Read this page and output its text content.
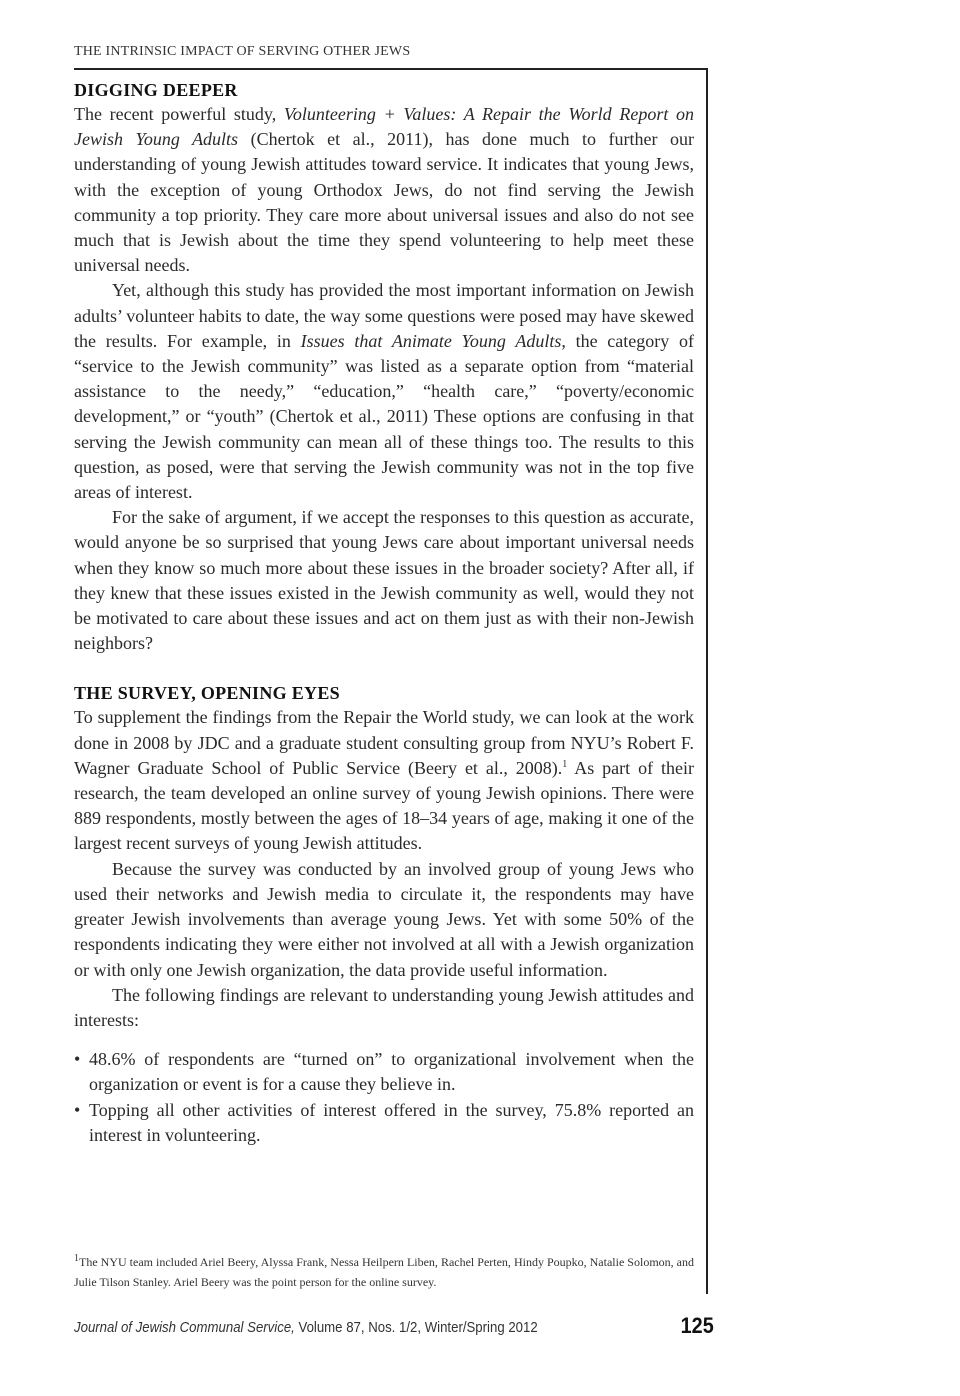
THE INTRINSIC IMPACT OF SERVING OTHER JEWS
DIGGING DEEPER

The recent powerful study, Volunteering + Values: A Repair the World Report on Jewish Young Adults (Chertok et al., 2011), has done much to further our understanding of young Jewish attitudes toward service. It indicates that young Jews, with the exception of young Orthodox Jews, do not find serving the Jewish community a top priority. They care more about universal issues and also do not see much that is Jewish about the time they spend volunteering to help meet these universal needs.

Yet, although this study has provided the most important information on Jewish adults’ volunteer habits to date, the way some questions were posed may have skewed the results. For example, in Issues that Animate Young Adults, the category of “service to the Jewish community” was listed as a separate option from “material assistance to the needy,” “education,” “health care,” “poverty/economic development,” or “youth” (Chertok et al., 2011) These options are confusing in that serving the Jewish community can mean all of these things too. The results to this question, as posed, were that serving the Jewish community was not in the top five areas of interest.

For the sake of argument, if we accept the responses to this question as accurate, would anyone be so surprised that young Jews care about important universal needs when they know so much more about these issues in the broader society? After all, if they knew that these issues existed in the Jewish community as well, would they not be motivated to care about these issues and act on them just as with their non-Jewish neighbors?

THE SURVEY, OPENING EYES

To supplement the findings from the Repair the World study, we can look at the work done in 2008 by JDC and a graduate student consulting group from NYU’s Robert F. Wagner Graduate School of Public Service (Beery et al., 2008).$^1$ As part of their research, the team developed an online survey of young Jewish opinions. There were 889 respondents, mostly between the ages of 18–34 years of age, making it one of the largest recent surveys of young Jewish attitudes.

Because the survey was conducted by an involved group of young Jews who used their networks and Jewish media to circulate it, the respondents may have greater Jewish involvements than average young Jews. Yet with some 50% of the respondents indicating they were either not involved at all with a Jewish organization or with only one Jewish organization, the data provide useful information.

The following findings are relevant to understanding young Jewish attitudes and interests:

• 48.6% of respondents are “turned on” to organizational involvement when the organization or event is for a cause they believe in.
• Topping all other activities of interest offered in the survey, 75.8% reported an interest in volunteering.
$^1$The NYU team included Ariel Beery, Alyssa Frank, Nessa Heilpern Liben, Rachel Perten, Hindy Poupko, Natalie Solomon, and Julie Tilson Stanley. Ariel Beery was the point person for the online survey.
Journal of Jewish Communal Service, Volume 87, Nos. 1/2, Winter/Spring 2012	125
